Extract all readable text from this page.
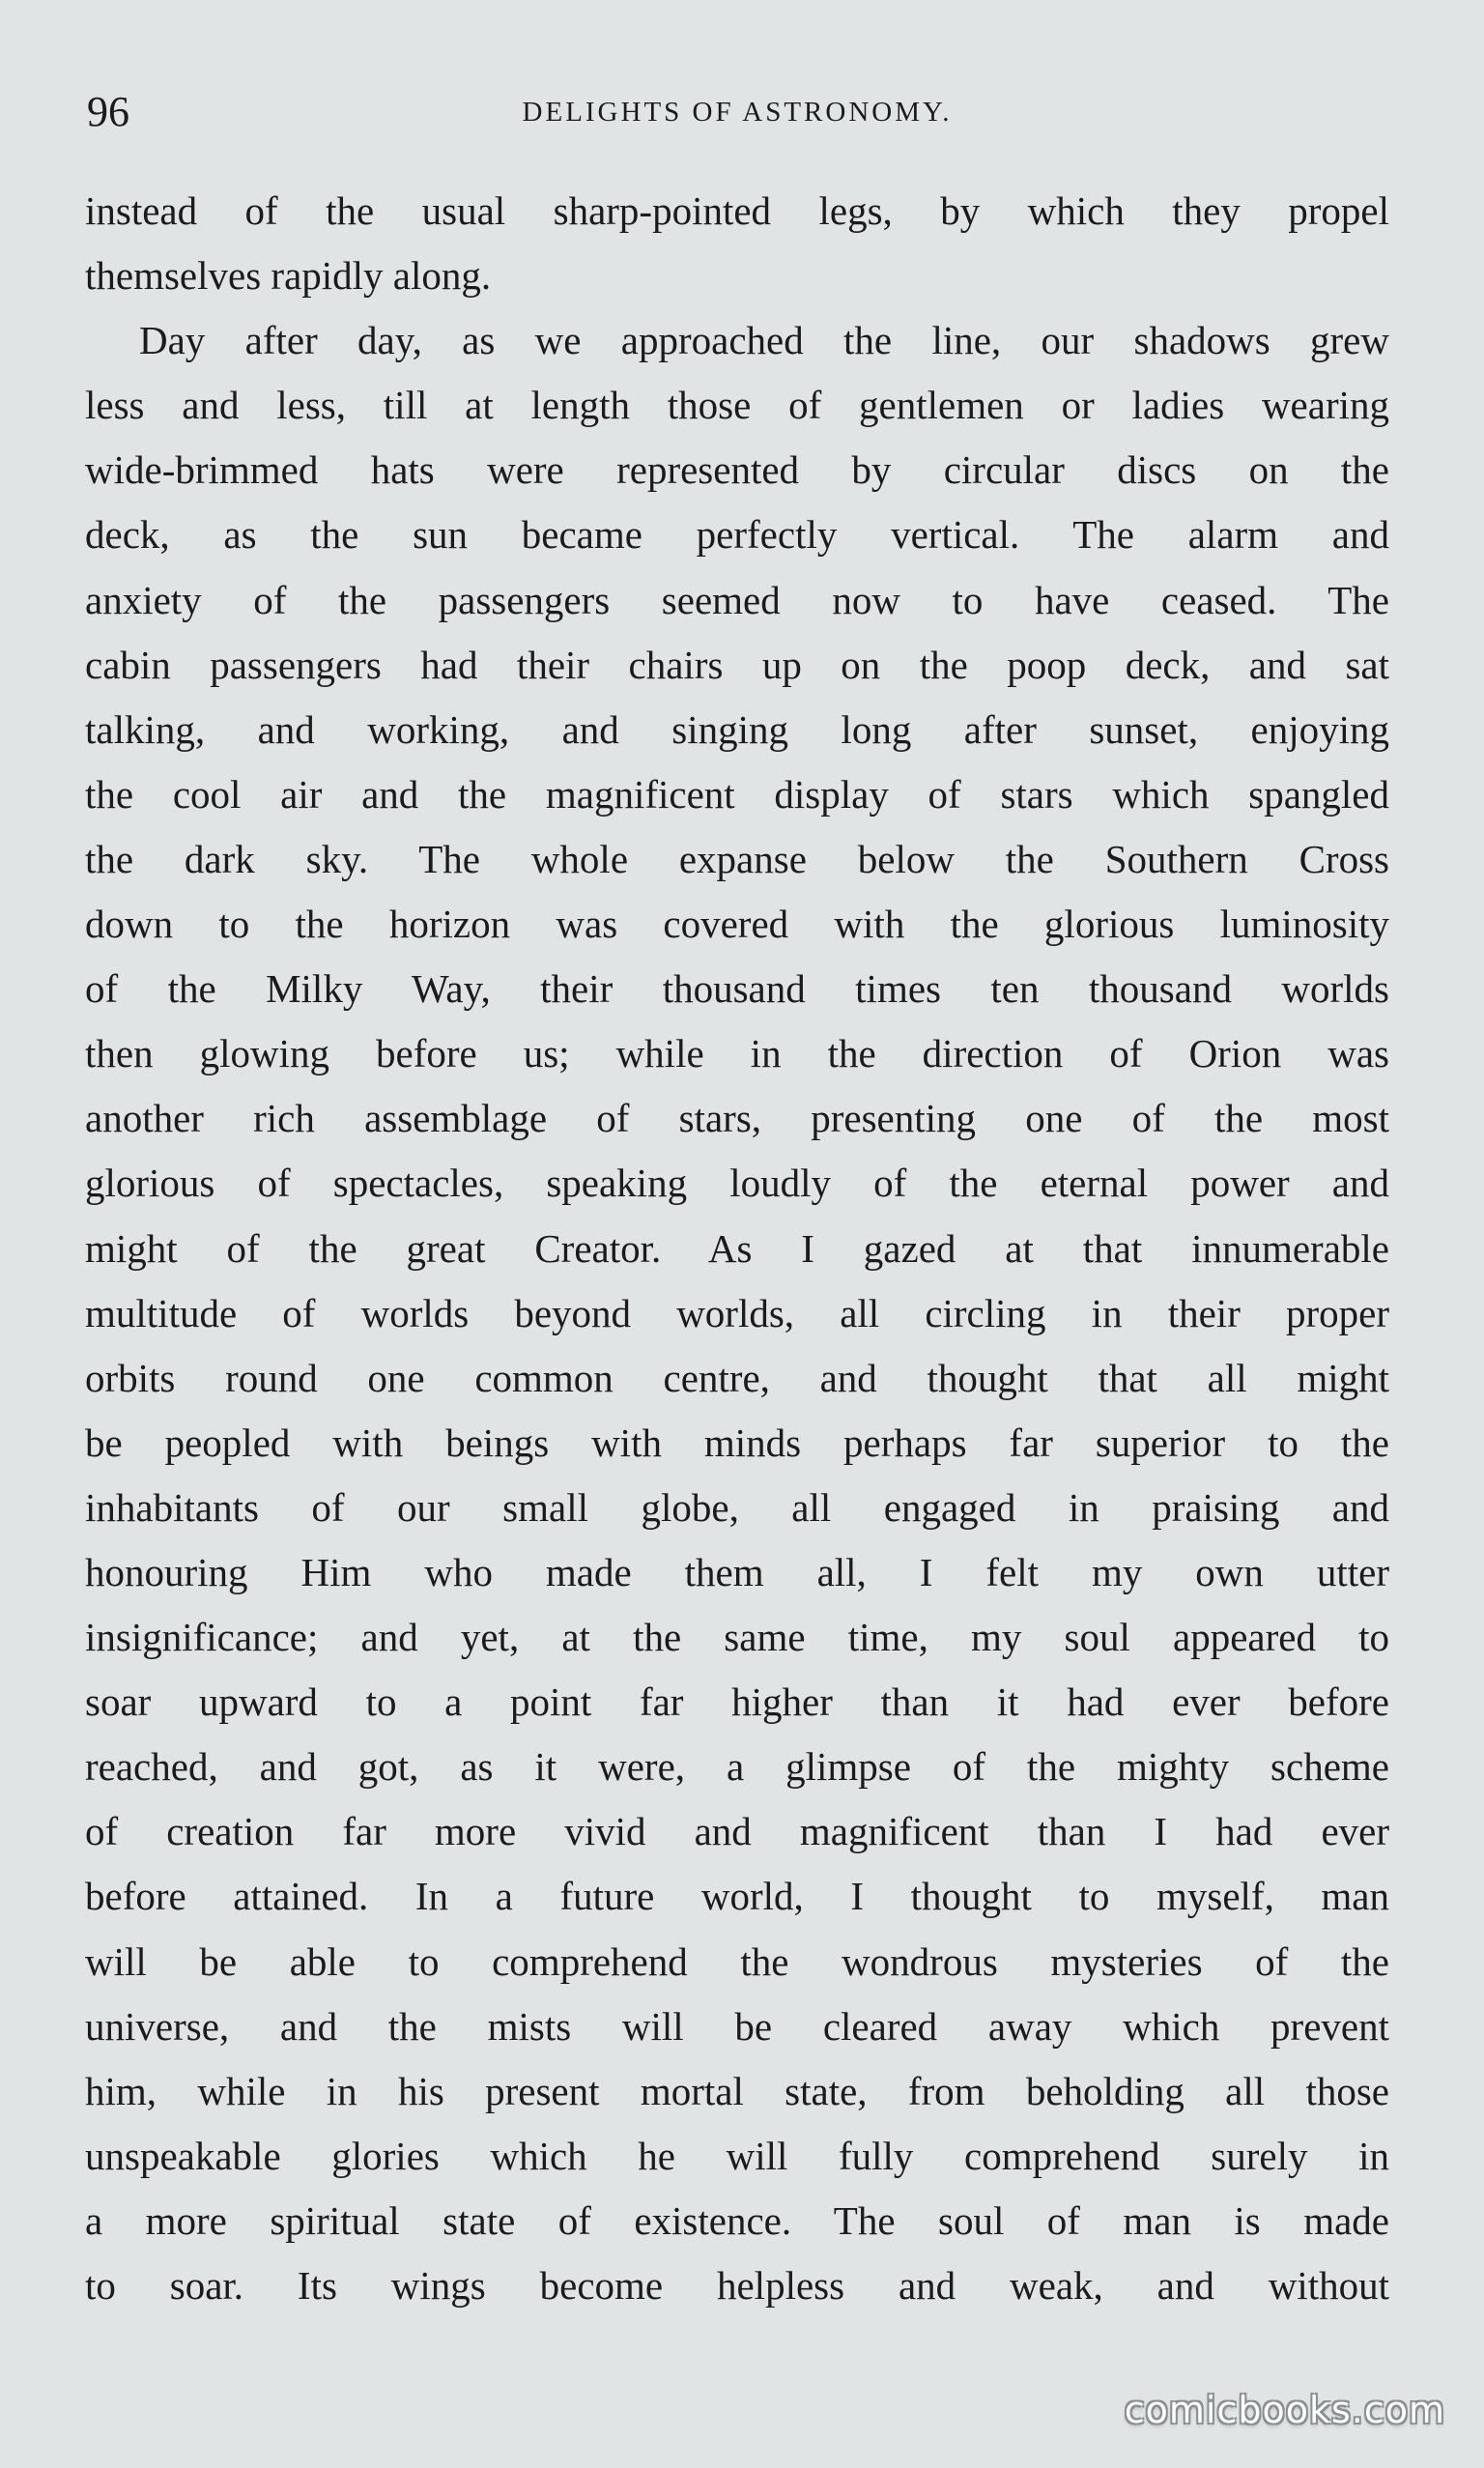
96	DELIGHTS OF ASTRONOMY.
instead of the usual sharp-pointed legs, by which they propel
themselves rapidly along.
Day after day, as we approached the line, our shadows grew
less and less, till at length those of gentlemen or ladies wearing
wide-brimmed hats were represented by circular discs on the
deck, as the sun became perfectly vertical. The alarm and
anxiety of the passengers seemed now to have ceased. The
cabin passengers had their chairs up on the poop deck, and sat
talking, and working, and singing long after sunset, enjoying
the cool air and the magnificent display of stars which spangled
the dark sky. The whole expanse below the Southern Cross
down to the horizon was covered with the glorious luminosity
of the Milky Way, their thousand times ten thousand worlds
then glowing before us; while in the direction of Orion was
another rich assemblage of stars, presenting one of the most
glorious of spectacles, speaking loudly of the eternal power and
might of the great Creator. As I gazed at that innumerable
multitude of worlds beyond worlds, all circling in their proper
orbits round one common centre, and thought that all might
be peopled with beings with minds perhaps far superior to the
inhabitants of our small globe, all engaged in praising and
honouring Him who made them all, I felt my own utter
insignificance; and yet, at the same time, my soul appeared to
soar upward to a point far higher than it had ever before
reached, and got, as it were, a glimpse of the mighty scheme
of creation far more vivid and magnificent than I had ever
before attained. In a future world, I thought to myself, man
will be able to comprehend the wondrous mysteries of the
universe, and the mists will be cleared away which prevent
him, while in his present mortal state, from beholding all those
unspeakable glories which he will fully comprehend surely in
a more spiritual state of existence. The soul of man is made
to soar. Its wings become helpless and weak, and without
comicbooks.com
